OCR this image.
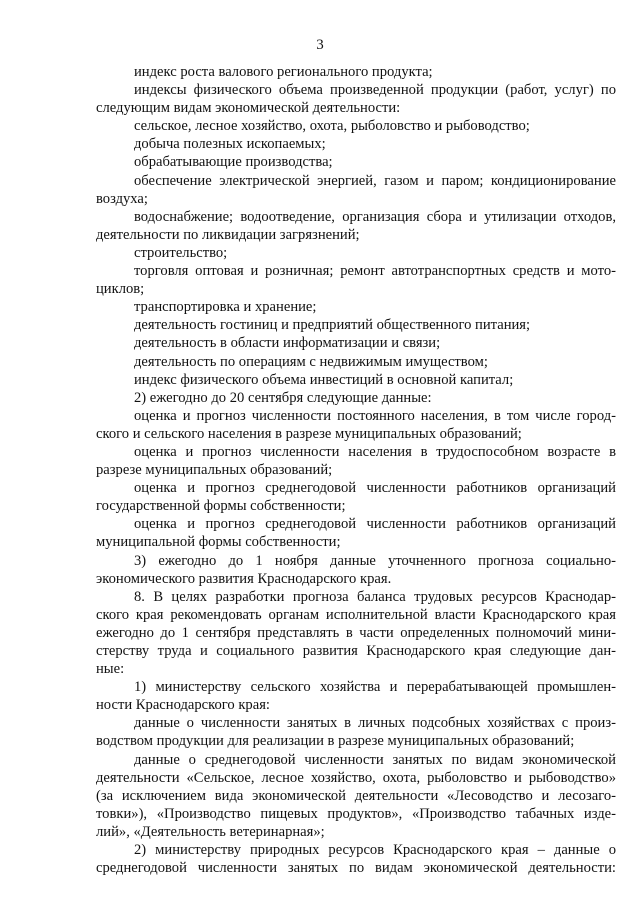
3
индекс роста валового регионального продукта;
индексы физического объема произведенной продукции (работ, услуг) по
следующим видам экономической деятельности:
сельское, лесное хозяйство, охота, рыболовство и рыбоводство;
добыча полезных ископаемых;
обрабатывающие производства;
обеспечение электрической энергией, газом и паром; кондиционирование
воздуха;
водоснабжение; водоотведение, организация сбора и утилизации отходов,
деятельности по ликвидации загрязнений;
строительство;
торговля оптовая и розничная; ремонт автотранспортных средств и мото-
циклов;
транспортировка и хранение;
деятельность гостиниц и предприятий общественного питания;
деятельность в области информатизации и связи;
деятельность по операциям с недвижимым имуществом;
индекс физического объема инвестиций в основной капитал;
2) ежегодно до 20 сентября следующие данные:
оценка и прогноз численности постоянного населения, в том числе город-
ского и сельского населения в разрезе муниципальных образований;
оценка и прогноз численности населения в трудоспособном возрасте в
разрезе муниципальных образований;
оценка и прогноз среднегодовой численности работников организаций
государственной формы собственности;
оценка и прогноз среднегодовой численности работников организаций
муниципальной формы собственности;
3) ежегодно до 1 ноября данные уточненного прогноза социально-
экономического развития Краснодарского края.
8. В целях разработки прогноза баланса трудовых ресурсов Краснодар-
ского края рекомендовать органам исполнительной власти Краснодарского края
ежегодно до 1 сентября представлять в части определенных полномочий мини-
стерству труда и социального развития Краснодарского края следующие дан-
ные:
1) министерству сельского хозяйства и перерабатывающей промышлен-
ности Краснодарского края:
данные о численности занятых в личных подсобных хозяйствах с произ-
водством продукции для реализации в разрезе муниципальных образований;
данные о среднегодовой численности занятых по видам экономической
деятельности «Сельское, лесное хозяйство, охота, рыболовство и рыбоводство»
(за исключением вида экономической деятельности «Лесоводство и лесозаго-
товки»), «Производство пищевых продуктов», «Производство табачных изде-
лий», «Деятельность ветеринарная»;
2) министерству природных ресурсов Краснодарского края – данные о
среднегодовой численности занятых по видам экономической деятельности:
